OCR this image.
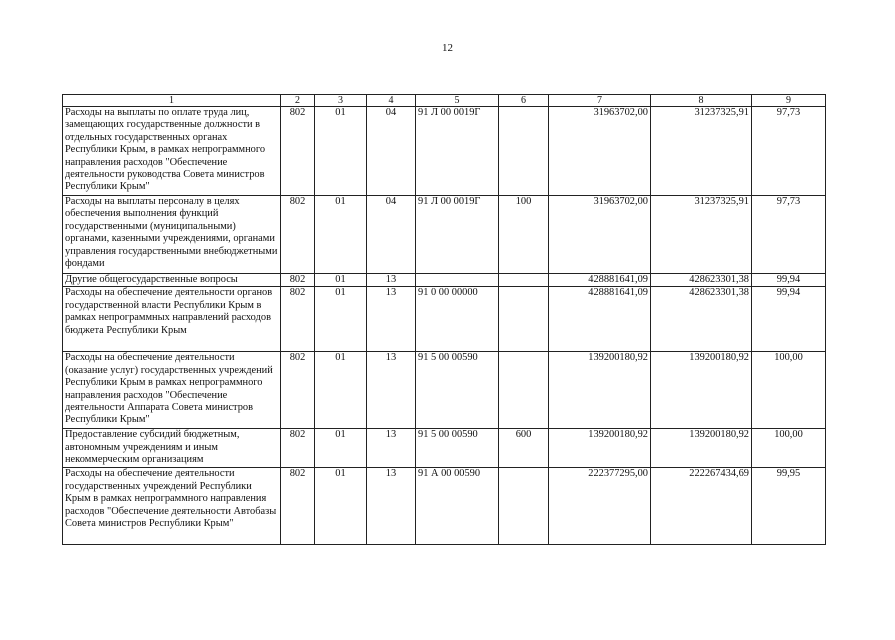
12
1	2	3	4	5	6	7	8	9
Расходы на выплаты по оплате труда лиц, замещающих государственные должности в отдельных государственных органах Республики Крым, в рамках непрограммного направления расходов "Обеспечение деятельности руководства Совета министров Республики Крым"	802	01	04	91 Л 00 0019Г		31963702,00	31237325,91	97,73
Расходы на выплаты персоналу в целях обеспечения выполнения функций государственными (муниципальными) органами, казенными учреждениями, органами управления государственными внебюджетными фондами	802	01	04	91 Л 00 0019Г	100	31963702,00	31237325,91	97,73
Другие общегосударственные вопросы	802	01	13			428881641,09	428623301,38	99,94
Расходы на обеспечение деятельности органов государственной власти Республики Крым в рамках непрограммных направлений расходов бюджета Республики Крым	802	01	13	91 0 00 00000		428881641,09	428623301,38	99,94
Расходы на обеспечение деятельности (оказание услуг) государственных учреждений Республики Крым в рамках непрограммного направления расходов "Обеспечение деятельности Аппарата Совета министров Республики Крым"	802	01	13	91 5 00 00590		139200180,92	139200180,92	100,00
Предоставление субсидий бюджетным, автономным учреждениям и иным некоммерческим организациям	802	01	13	91 5 00 00590	600	139200180,92	139200180,92	100,00
Расходы на обеспечение деятельности государственных учреждений Республики Крым в рамках непрограммного направления расходов "Обеспечение деятельности Автобазы Совета министров Республики Крым"	802	01	13	91 А 00 00590		222377295,00	222267434,69	99,95
